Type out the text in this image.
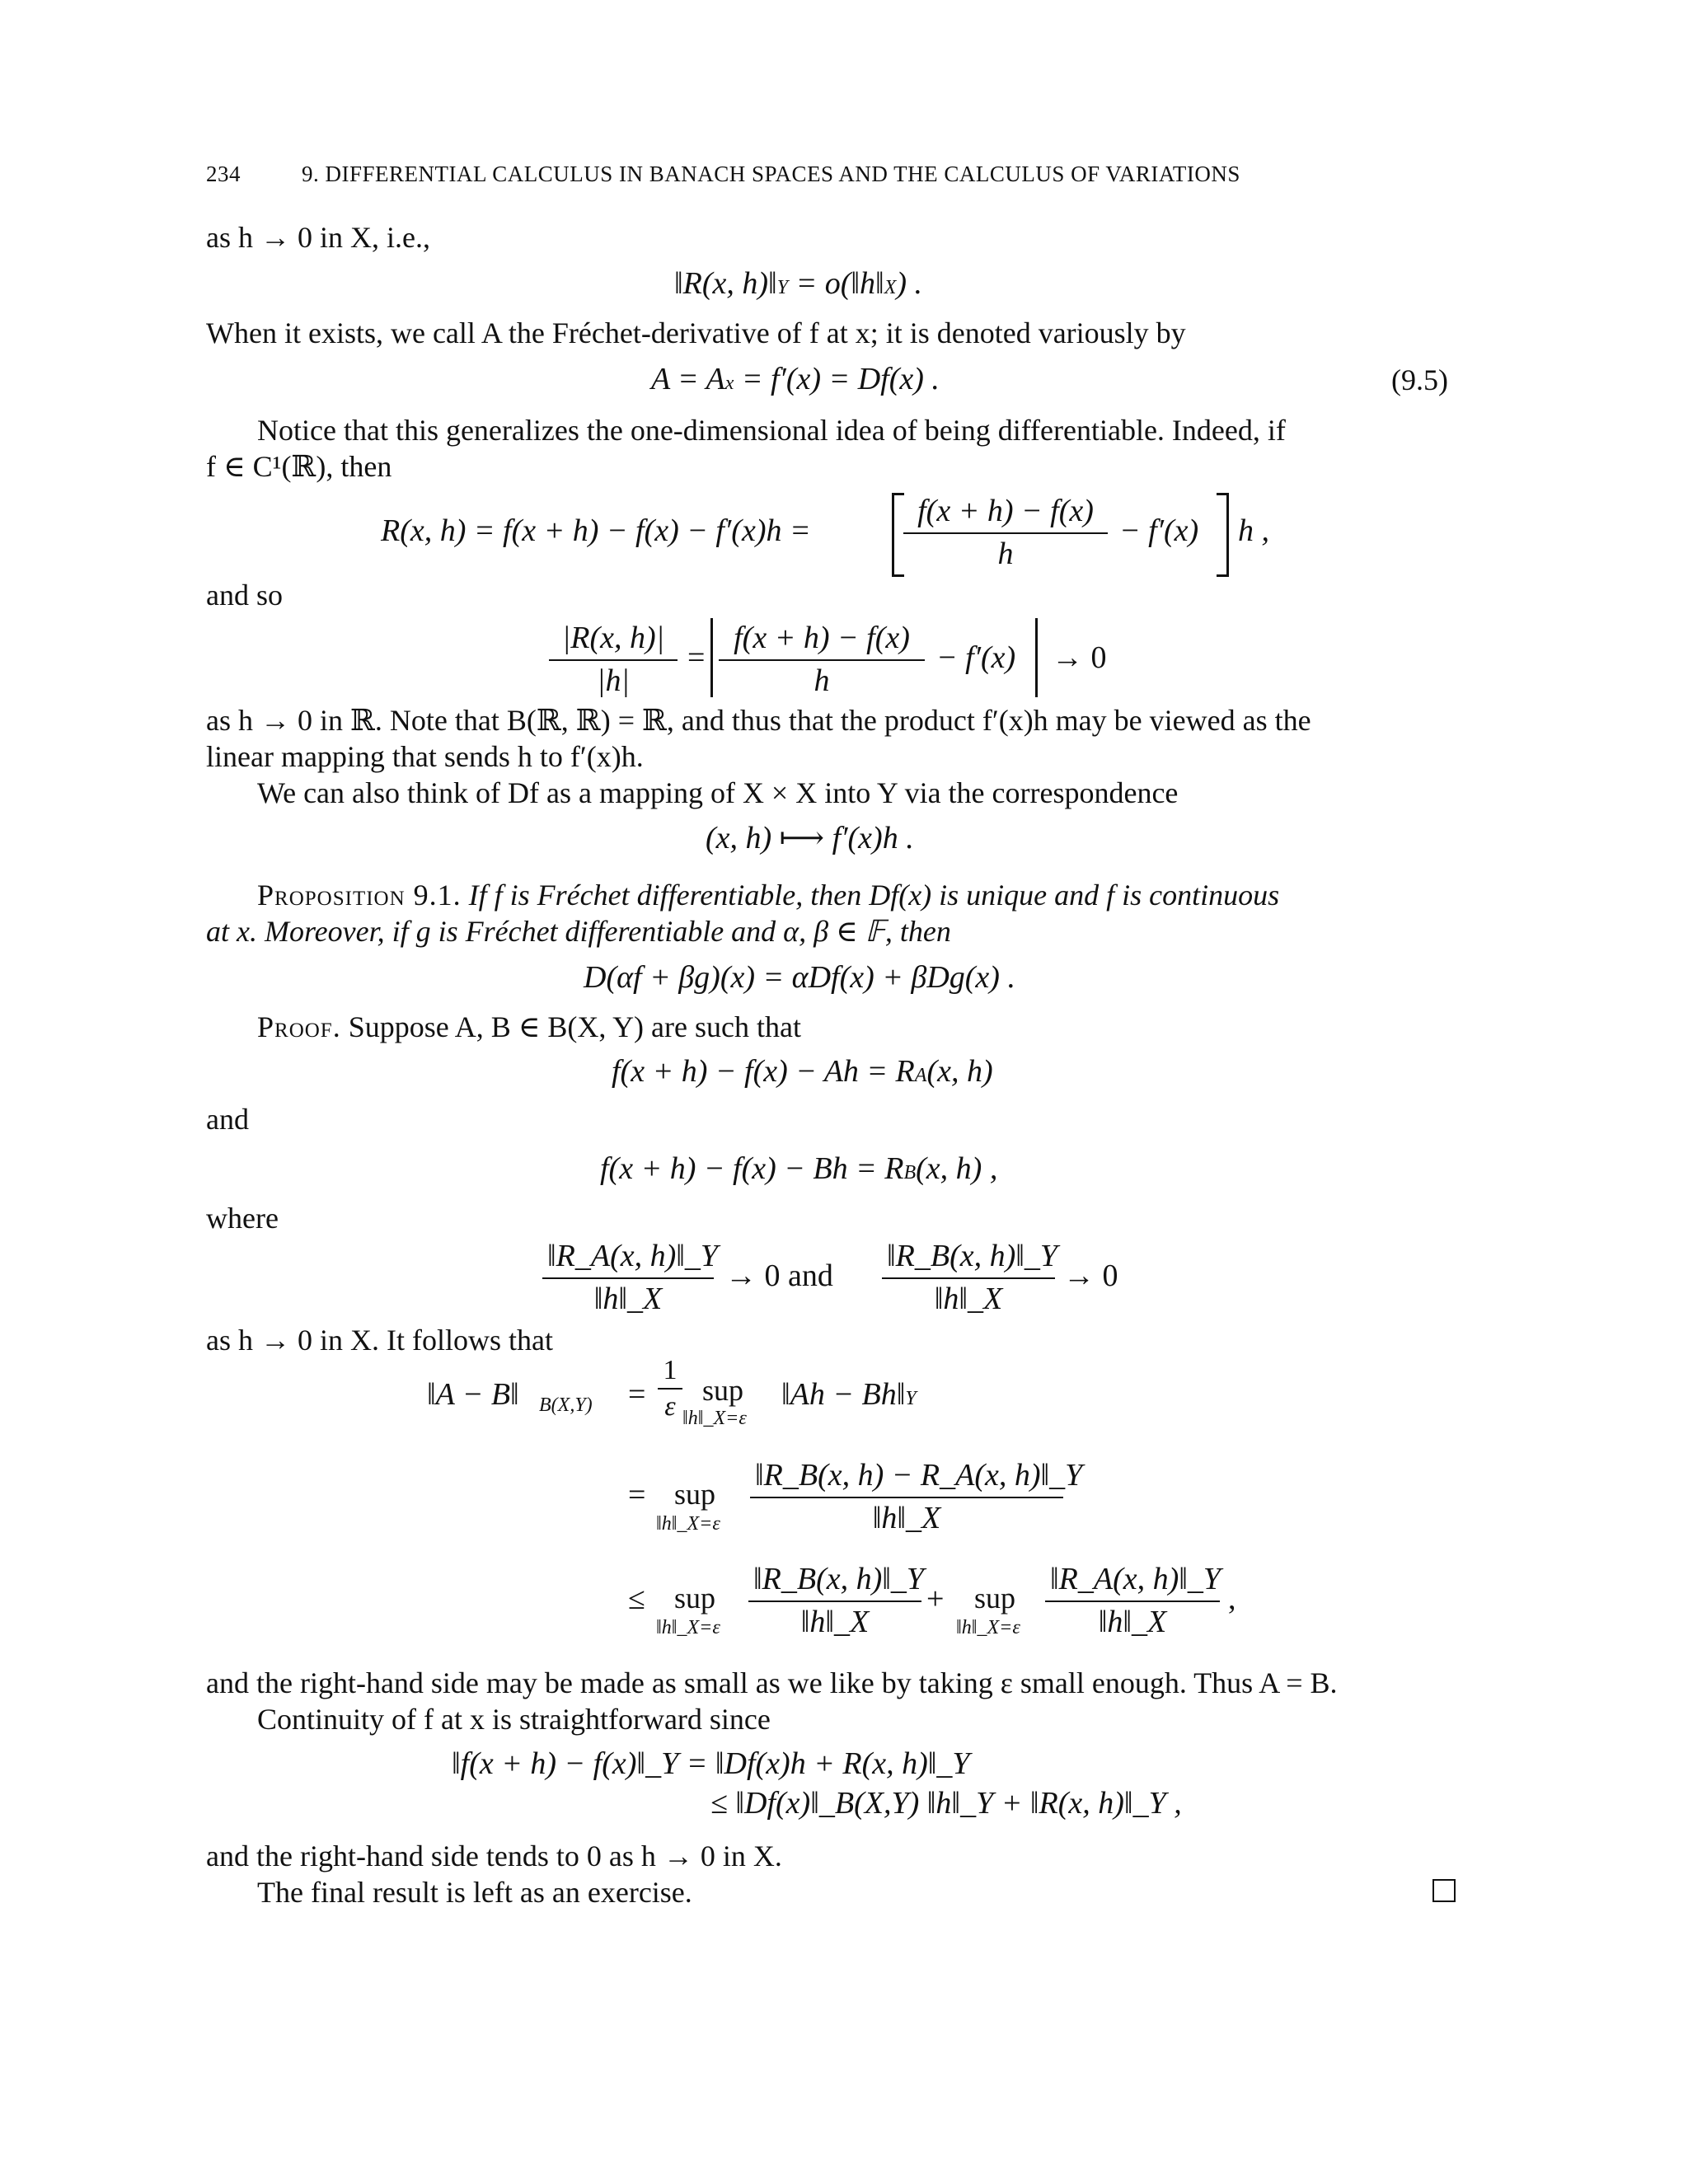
234	9. DIFFERENTIAL CALCULUS IN BANACH SPACES AND THE CALCULUS OF VARIATIONS
as h → 0 in X, i.e.,
‖R(x, h)‖Y = o(‖h‖X) .
When it exists, we call A the Fréchet-derivative of f at x; it is denoted variously by
A = Ax = f′(x) = Df(x) .	(9.5)
Notice that this generalizes the one-dimensional idea of being differentiable. Indeed, if
f ∈ C¹(ℝ), then
R(x, h) = f(x + h) − f(x) − f′(x)h =	$\frac{f(x + h) - f(x)}{h} - f'(x)$ h ,
and so
$\frac{|R(x, h)|}{|h|} = \frac{f(x + h) - f(x)}{h} - f'(x) \to 0$
as h → 0 in ℝ. Note that B(ℝ, ℝ) = ℝ, and thus that the product f′(x)h may be viewed as the
linear mapping that sends h to f′(x)h.
We can also think of Df as a mapping of X × X into Y via the correspondence
(x, h) ⟼ f′(x)h .
Proposition 9.1. If f is Fréchet differentiable, then Df(x) is unique and f is continuous
at x. Moreover, if g is Fréchet differentiable and α, β ∈ 𝔽, then
D(αf + βg)(x) = αDf(x) + βDg(x) .
Proof. Suppose A, B ∈ B(X, Y) are such that
f(x + h) − f(x) − Ah = RA(x, h)
and
f(x + h) − f(x) − Bh = RB(x, h) ,
where
$\frac{‖R\_A(x, h)‖\_Y}{‖h‖\_X} \to 0$ and $\frac{‖R\_B(x, h)‖\_Y}{‖h‖\_X} \to 0$
as h → 0 in X. It follows that
‖A − B‖ $B(X,Y) = \frac{1}{\varepsilon}$ sup
‖h‖_X=ε
‖Ah − Bh‖Y
= sup
‖h‖_X=ε $\frac{‖R\_B(x, h) - R\_A(x, h)‖\_Y}{‖h‖\_X}$
≤ sup
‖h‖_X=ε $\frac{‖R\_B(x, h)‖\_Y}{‖h‖\_X}$ + sup
‖h‖_X=ε $\frac{‖R\_A(x, h)‖\_Y}{‖h‖\_X}$ ,
and the right-hand side may be made as small as we like by taking ε small enough. Thus A = B.
Continuity of f at x is straightforward since
‖f(x + h) − f(x)‖_Y = ‖Df(x)h + R(x, h)‖_Y
≤ ‖Df(x)‖_B(X,Y) ‖h‖_Y + ‖R(x, h)‖_Y ,
and the right-hand side tends to 0 as h → 0 in X.
The final result is left as an exercise.
